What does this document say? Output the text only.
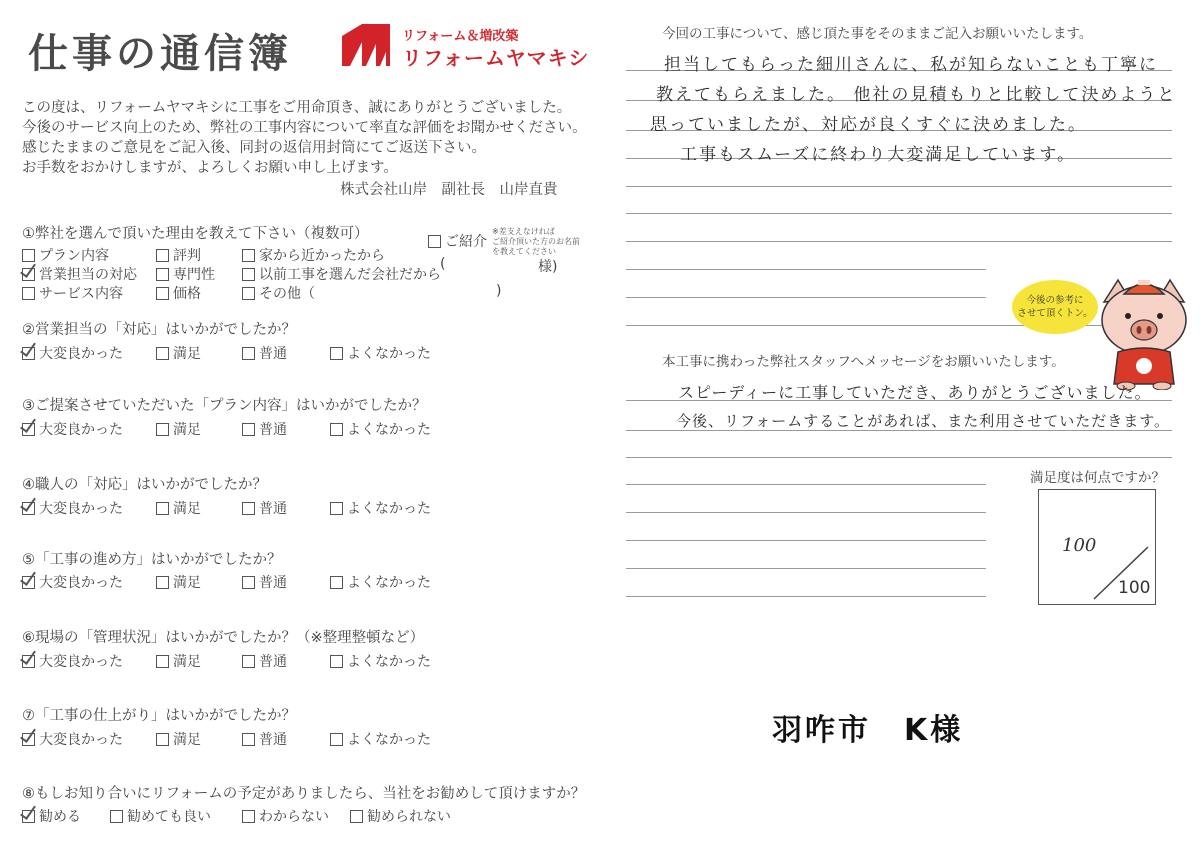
仕事の通信簿	リフォーム＆増改築
リフォームヤマキシ
この度は、リフォームヤマキシに工事をご用命頂き、誠にありがとうございました。
今後のサービス向上のため、弊社の工事内容について率直な評価をお聞かせください。
感じたままのご意見をご記入後、同封の返信用封筒にてご返送下さい。
お手数をおかけしますが、よろしくお願い申し上げます。
株式会社山岸　副社長　山岸直貴
①弊社を選んで頂いた理由を教えて下さい（複数可）
プラン内容	評判	家から近かったから
営業担当の対応	専門性	以前工事を選んだ会社だから
サービス内容	価格	その他（	)
ご紹介
※差支えなければ
ご紹介頂いた方のお名前
を教えてください
(	様)
②営業担当の「対応」はいかがでしたか？
大変良かった	満足	普通	よくなかった
③ご提案させていただいた「プラン内容」はいかがでしたか？
大変良かった	満足	普通	よくなかった
④職人の「対応」はいかがでしたか？
大変良かった	満足	普通	よくなかった
⑤「工事の進め方」はいかがでしたか？
大変良かった	満足	普通	よくなかった
⑥現場の「管理状況」はいかがでしたか？（※整理整頓など）
大変良かった	満足	普通	よくなかった
⑦「工事の仕上がり」はいかがでしたか？
大変良かった	満足	普通	よくなかった
⑧もしお知り合いにリフォームの予定がありましたら、当社をお勧めして頂けますか？
勧める	勧めても良い	わからない	勧められない
今回の工事について、感じ頂た事をそのままご記入お願いいたします。
担当してもらった細川さんに、私が知らないことも丁寧に
教えてもらえました。 他社の見積もりと比較して決めようと
思っていましたが、対応が良くすぐに決めました。
工事もスムーズに終わり大変満足しています。
今後の参考に
させて頂くトン。
本工事に携わった弊社スタッフへメッセージをお願いいたします。
スピーディーに工事していただき、ありがとうございました。
今後、リフォームすることがあれば、また利用させていただきます。
満足度は何点ですか？
100
100
羽咋市　K様
